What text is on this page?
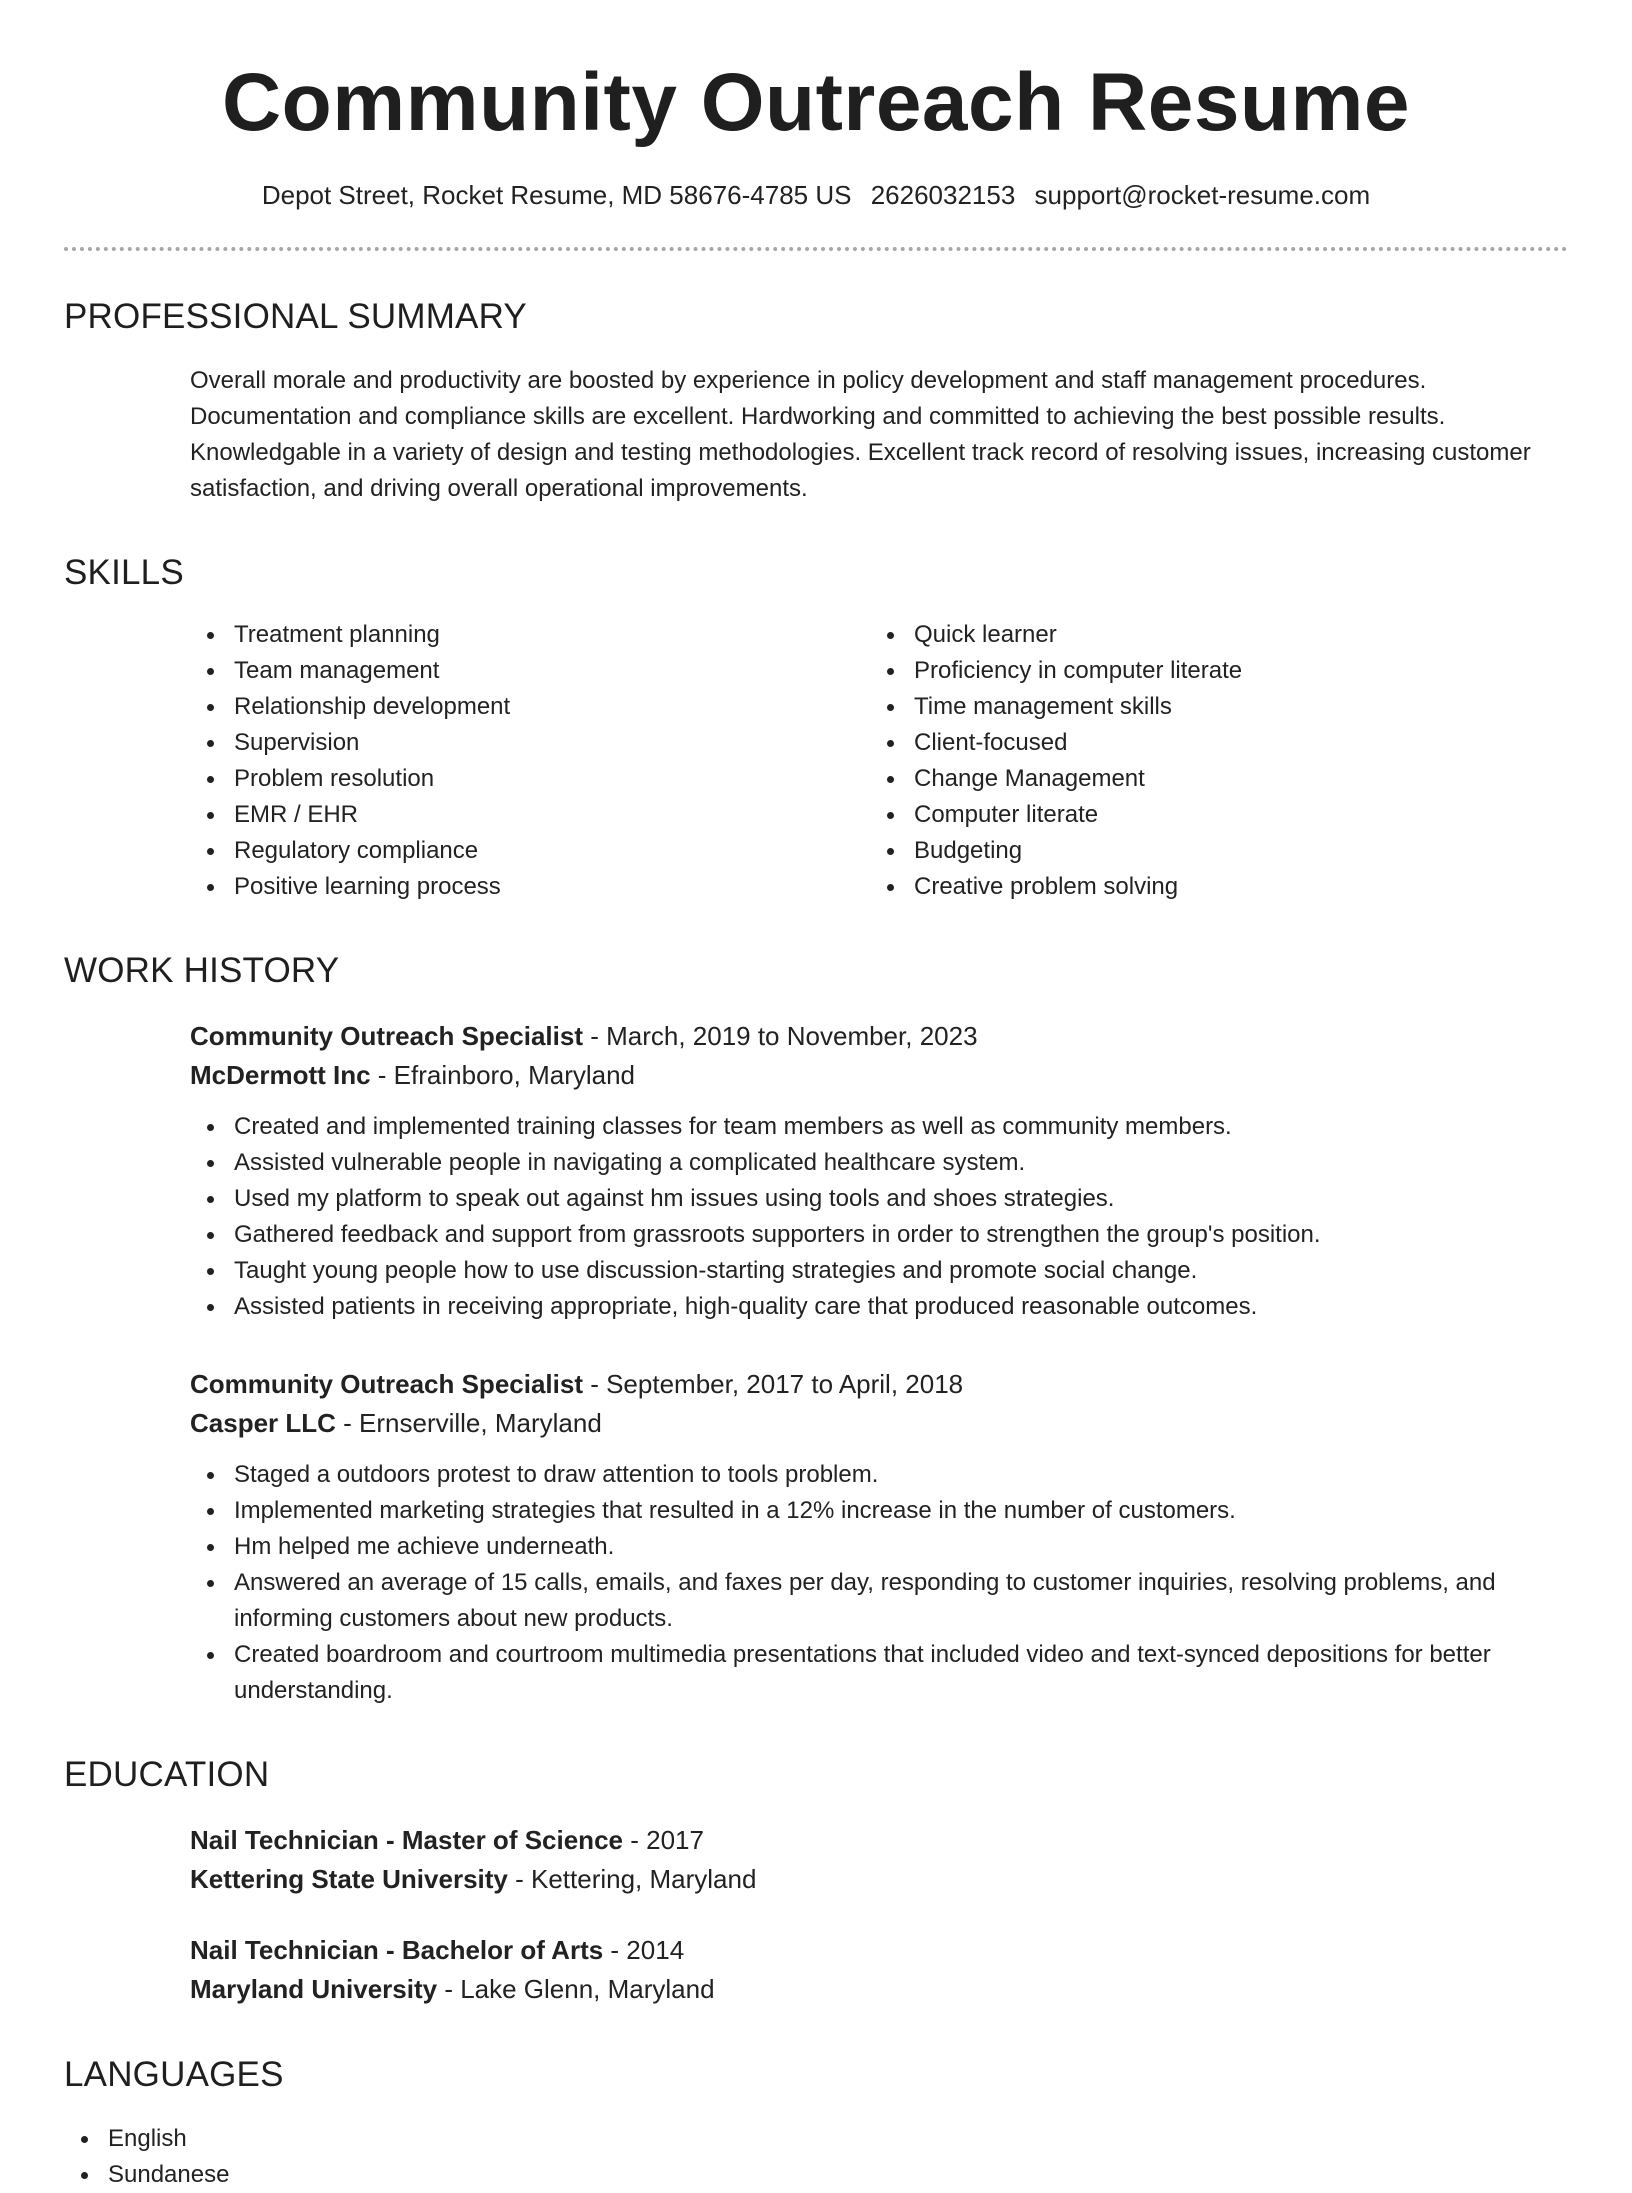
Community Outreach Resume
Depot Street, Rocket Resume, MD 58676-4785 US 2626032153 support@rocket-resume.com
PROFESSIONAL SUMMARY
Overall morale and productivity are boosted by experience in policy development and staff management procedures. Documentation and compliance skills are excellent. Hardworking and committed to achieving the best possible results. Knowledgable in a variety of design and testing methodologies. Excellent track record of resolving issues, increasing customer satisfaction, and driving overall operational improvements.
SKILLS
Treatment planning
Team management
Relationship development
Supervision
Problem resolution
EMR / EHR
Regulatory compliance
Positive learning process
Quick learner
Proficiency in computer literate
Time management skills
Client-focused
Change Management
Computer literate
Budgeting
Creative problem solving
WORK HISTORY
Community Outreach Specialist - March, 2019 to November, 2023
McDermott Inc - Efrainboro, Maryland
Created and implemented training classes for team members as well as community members.
Assisted vulnerable people in navigating a complicated healthcare system.
Used my platform to speak out against hm issues using tools and shoes strategies.
Gathered feedback and support from grassroots supporters in order to strengthen the group's position.
Taught young people how to use discussion-starting strategies and promote social change.
Assisted patients in receiving appropriate, high-quality care that produced reasonable outcomes.
Community Outreach Specialist - September, 2017 to April, 2018
Casper LLC - Ernserville, Maryland
Staged a outdoors protest to draw attention to tools problem.
Implemented marketing strategies that resulted in a 12% increase in the number of customers.
Hm helped me achieve underneath.
Answered an average of 15 calls, emails, and faxes per day, responding to customer inquiries, resolving problems, and informing customers about new products.
Created boardroom and courtroom multimedia presentations that included video and text-synced depositions for better understanding.
EDUCATION
Nail Technician - Master of Science - 2017
Kettering State University - Kettering, Maryland
Nail Technician - Bachelor of Arts - 2014
Maryland University - Lake Glenn, Maryland
LANGUAGES
English
Sundanese
